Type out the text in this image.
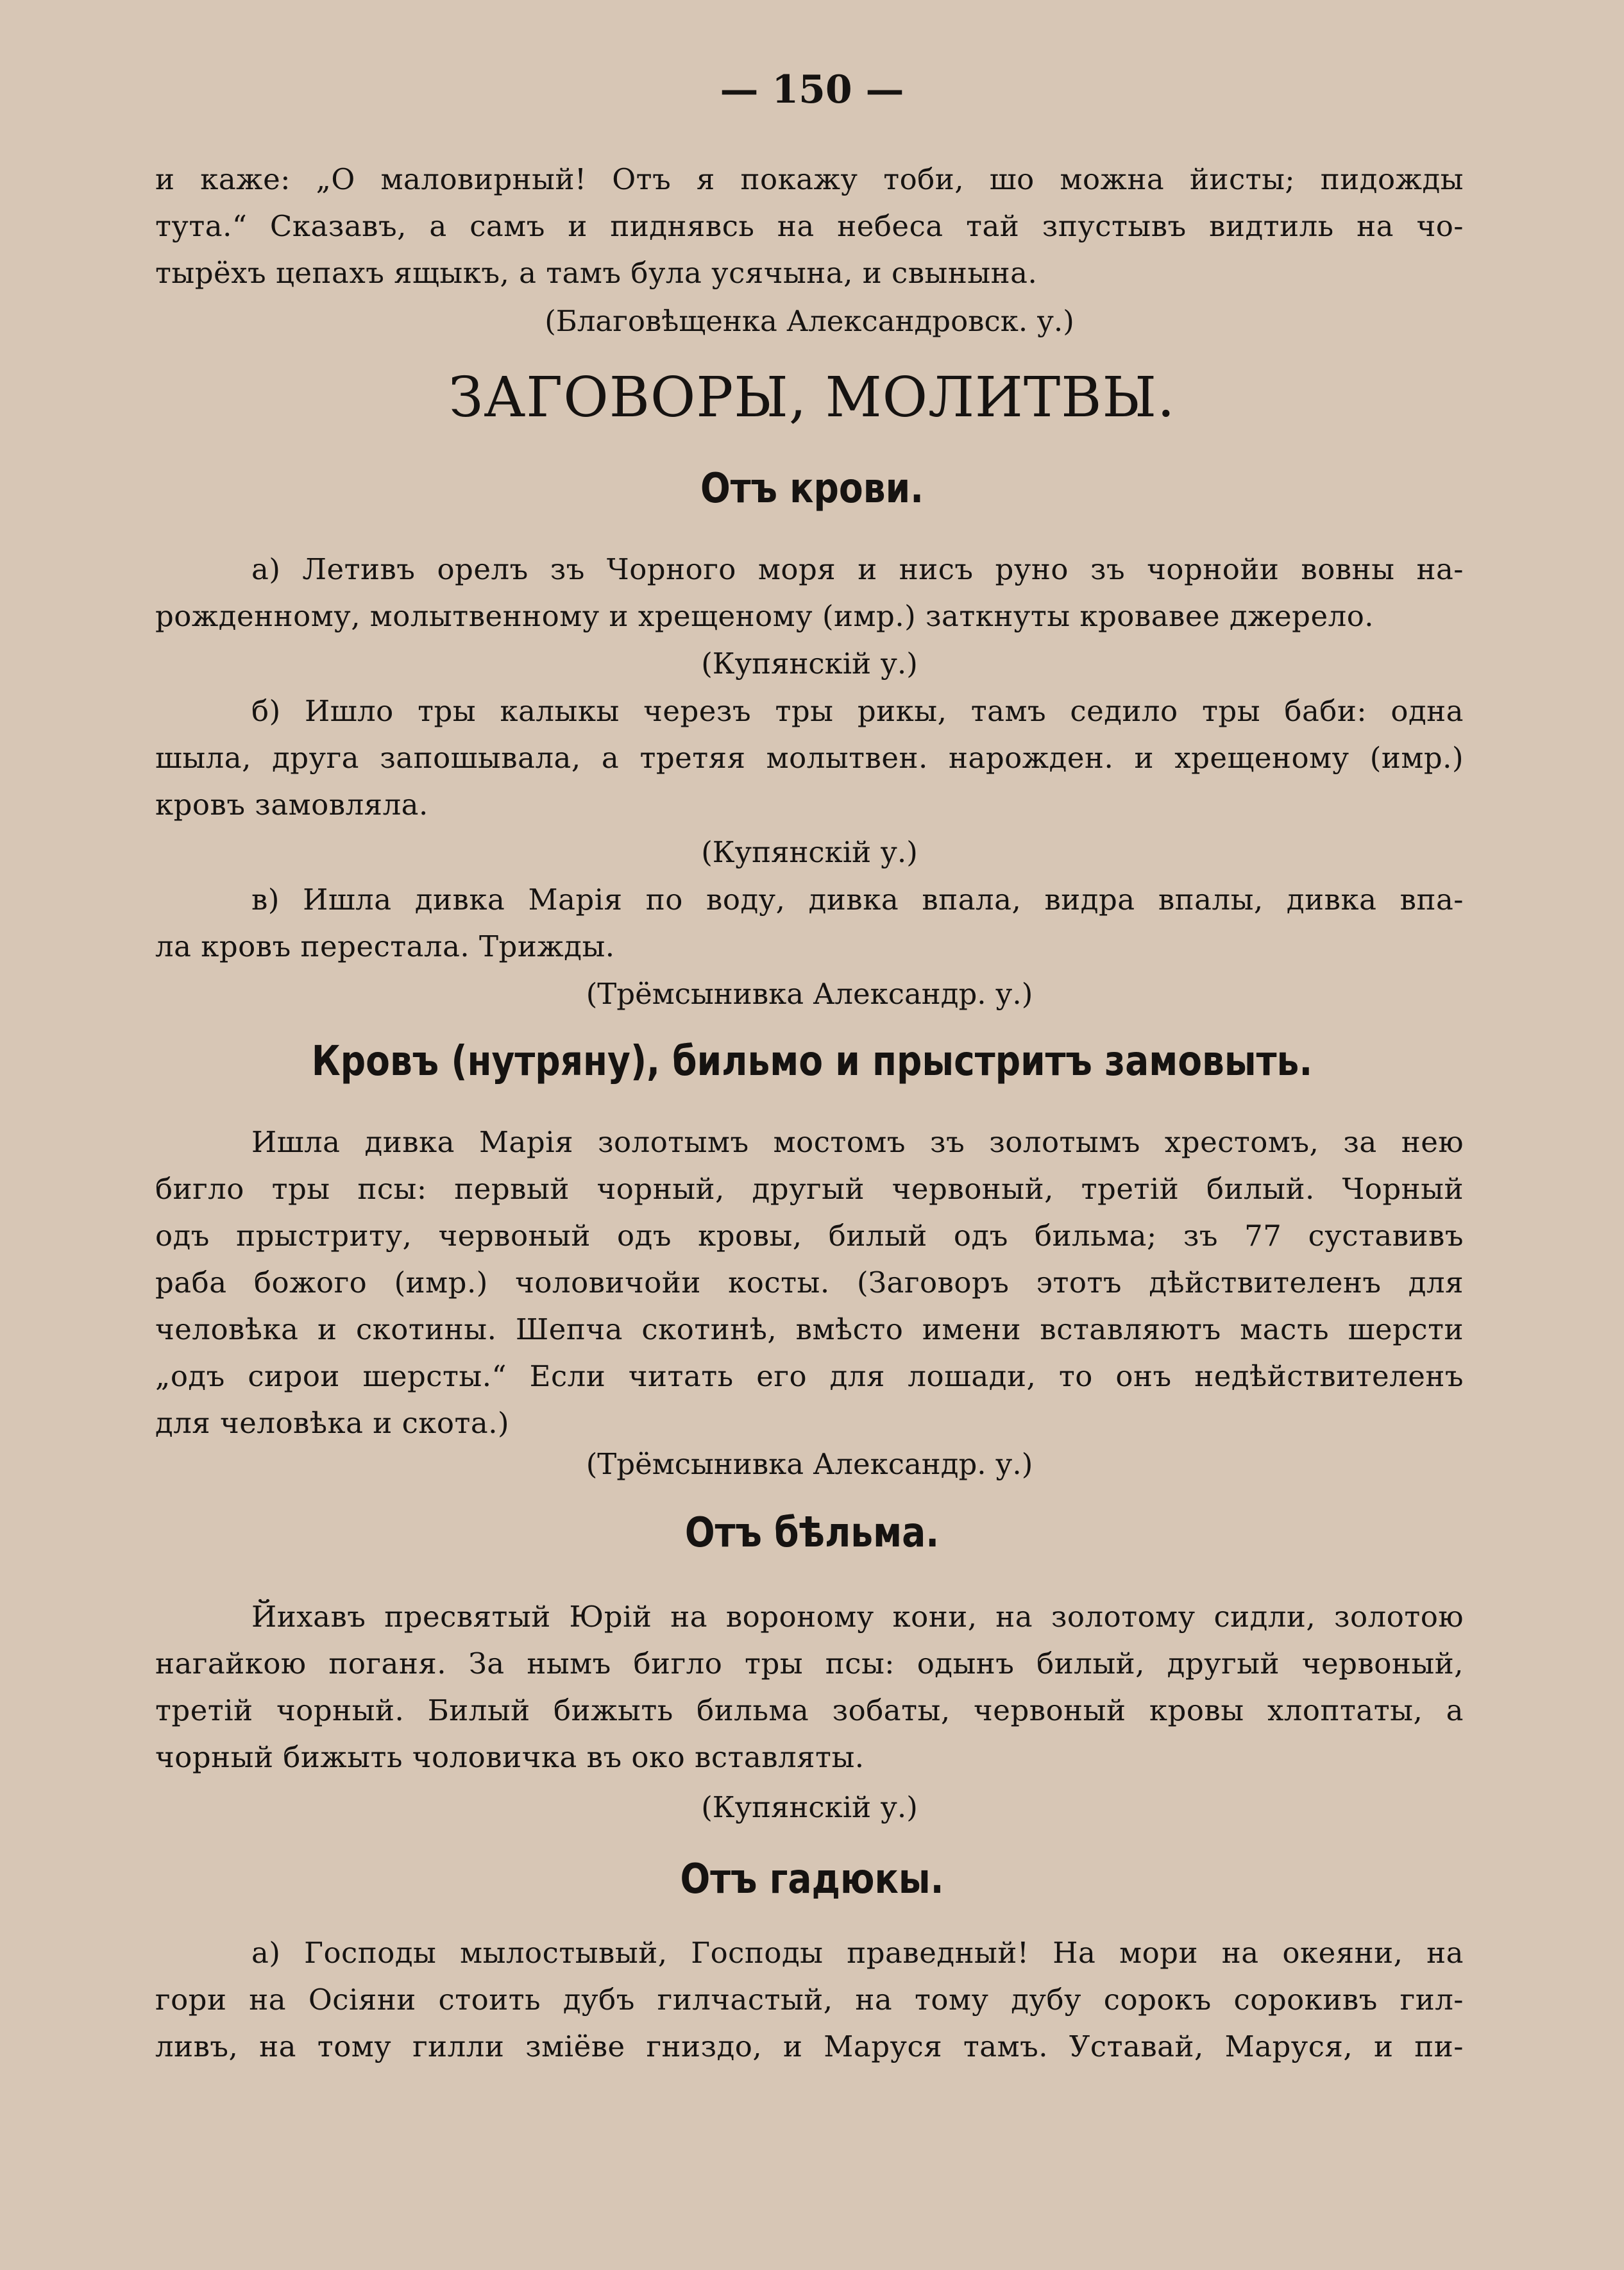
— 150 —
и каже: „О маловирный! Отъ я покажу тоби, шо можна йисты; пидожды
тута.“ Сказавъ, а самъ и пиднявсь на небеса тай зпустывъ видтиль на чо-
тырёхъ цепахъ ящыкъ, а тамъ була усячына, и свынына.
(Благовѣщенка Александровск. у.)
а) Летивъ орелъ зъ Чорного моря и нисъ руно зъ чорнойи вовны на-
рожденному, молытвенному и хрещеному (имр.) заткнуты кровавее джерело.
(Купянскій у.)
б) Ишло тры калыкы черезъ тры рикы, тамъ седило тры баби: одна
шыла, друга запошывала, а третяя молытвен. нарожден. и хрещеному (имр.)
кровъ замовляла.
(Купянскій у.)
в) Ишла дивка Марія по воду, дивка впала, видра впалы, дивка впа-
ла кровъ перестала. Трижды.
(Трёмсынивка Александр. у.)
Ишла дивка Марія золотымъ мостомъ зъ золотымъ хрестомъ, за нею
бигло тры псы: первый чорный, другый червоный, третій билый. Чорный
одъ прыстриту, червоный одъ кровы, билый одъ бильма; зъ 77 суставивъ
раба божого (имр.) чоловичойи косты. (Заговоръ этотъ дѣйствителенъ для
человѣка и скотины. Шепча скотинѣ, вмѣсто имени вставляютъ масть шерсти
„одъ сирои шерсты.“ Если читать его для лошади, то онъ недѣйствителенъ
для человѣка и скота.)
(Трёмсынивка Александр. у.)
Йихавъ пресвятый Юрій на вороному кони, на золотому сидли, золотою
нагайкою поганя. За нымъ бигло тры псы: одынъ билый, другый червоный,
третій чорный. Билый бижыть бильма зобаты, червоный кровы хлоптаты, а
чорный бижыть чоловичка въ око вставляты.
(Купянскій у.)
а) Господы мылостывый, Господы праведный! На мори на океяни, на
гори на Осіяни стоить дубъ гилчастый, на тому дубу сорокъ сорокивъ гил-
ливъ, на тому гилли зміёве гниздо, и Маруся тамъ. Уставай, Маруся, и пи-
ЗАГОВОРЫ, МОЛИТВЫ.
Отъ крови.
Кровъ (нутряну), бильмо и прыстритъ замовыть.
Отъ бѣльма.
Отъ гадюкы.
